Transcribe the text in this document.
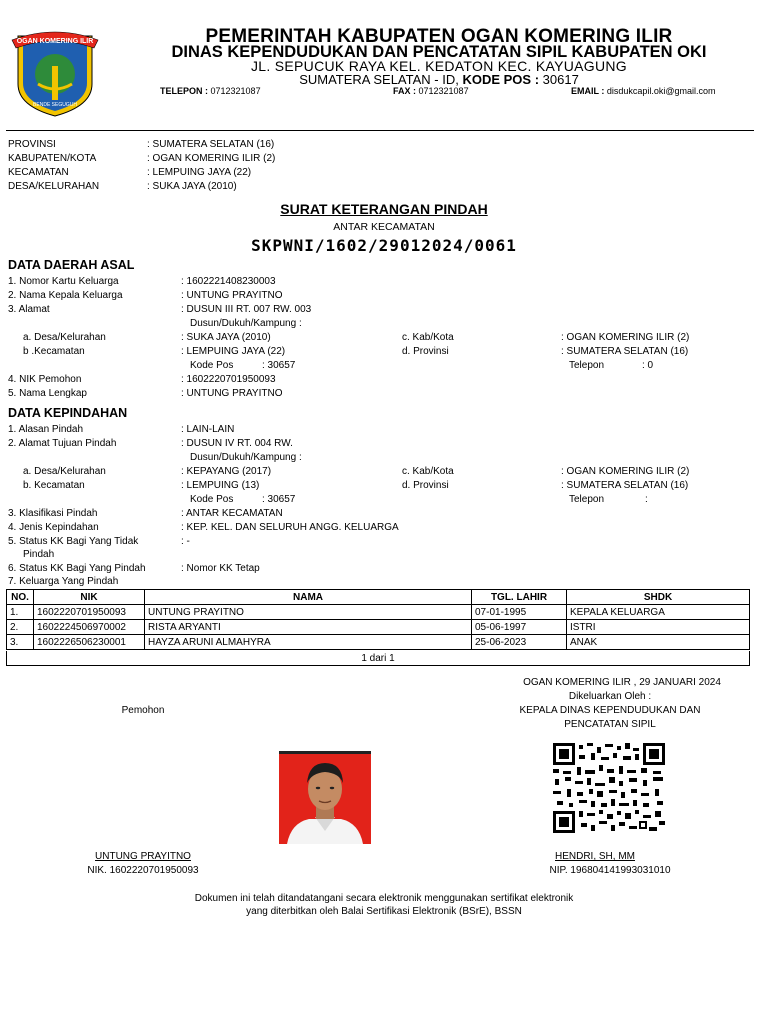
OGAN KOMERING ILIR
BENDE SEGUGUH
PEMERINTAH KABUPATEN OGAN KOMERING ILIR
DINAS KEPENDUDUKAN DAN PENCATATAN SIPIL KABUPATEN OKI
JL. SEPUCUK RAYA KEL. KEDATON KEC. KAYUAGUNG
SUMATERA SELATAN - ID, KODE POS : 30617
TELEPON : 0712321087	FAX : 0712321087	EMAIL : disdukcapil.oki@gmail.com
PROVINSI	: SUMATERA SELATAN (16)
KABUPATEN/KOTA	: OGAN KOMERING ILIR (2)
KECAMATAN	: LEMPUING JAYA (22)
DESA/KELURAHAN	: SUKA JAYA (2010)
SURAT KETERANGAN PINDAH
ANTAR KECAMATAN
SKPWNI/1602/29012024/0061
DATA DAERAH ASAL
1. Nomor Kartu Keluarga	: 1602221408230003
2. Nama Kepala Keluarga	: UNTUNG PRAYITNO
3. Alamat	: DUSUN III RT. 007 RW. 003
Dusun/Dukuh/Kampung :
a. Desa/Kelurahan	: SUKA JAYA (2010)	c. Kab/Kota	: OGAN KOMERING ILIR (2)
b .Kecamatan	: LEMPUING JAYA (22)	d. Provinsi	: SUMATERA SELATAN (16)
Kode Pos	: 30657	Telepon	: 0
4. NIK Pemohon	: 1602220701950093
5. Nama Lengkap	: UNTUNG PRAYITNO
DATA KEPINDAHAN
1. Alasan Pindah	: LAIN-LAIN
2. Alamat Tujuan Pindah	: DUSUN IV RT. 004 RW.
Dusun/Dukuh/Kampung :
a. Desa/Kelurahan	: KEPAYANG (2017)	c. Kab/Kota	: OGAN KOMERING ILIR (2)
b. Kecamatan	: LEMPUING (13)	d. Provinsi	: SUMATERA SELATAN (16)
Kode Pos	: 30657	Telepon	:
3. Klasifikasi Pindah	: ANTAR KECAMATAN
4. Jenis Kepindahan	: KEP. KEL. DAN SELURUH ANGG. KELUARGA
5. Status KK Bagi Yang Tidak	: -
Pindah
6. Status KK Bagi Yang Pindah	: Nomor KK Tetap
7. Keluarga Yang Pindah
NO.	NIK	NAMA	TGL. LAHIR	SHDK
1.	1602220701950093	UNTUNG PRAYITNO	07-01-1995	KEPALA KELUARGA
2.	1602224506970002	RISTA ARYANTI	05-06-1997	ISTRI
3.	1602226506230001	HAYZA ARUNI ALMAHYRA	25-06-2023	ANAK
1 dari 1
OGAN KOMERING ILIR , 29 JANUARI 2024
Dikeluarkan Oleh :
KEPALA DINAS KEPENDUDUKAN DAN
PENCATATAN SIPIL
Pemohon
UNTUNG PRAYITNO
NIK. 1602220701950093
HENDRI, SH, MM
NIP. 196804141993031010
Dokumen ini telah ditandatangani secara elektronik menggunakan sertifikat elektronik
yang diterbitkan oleh Balai Sertifikasi Elektronik (BSrE), BSSN
